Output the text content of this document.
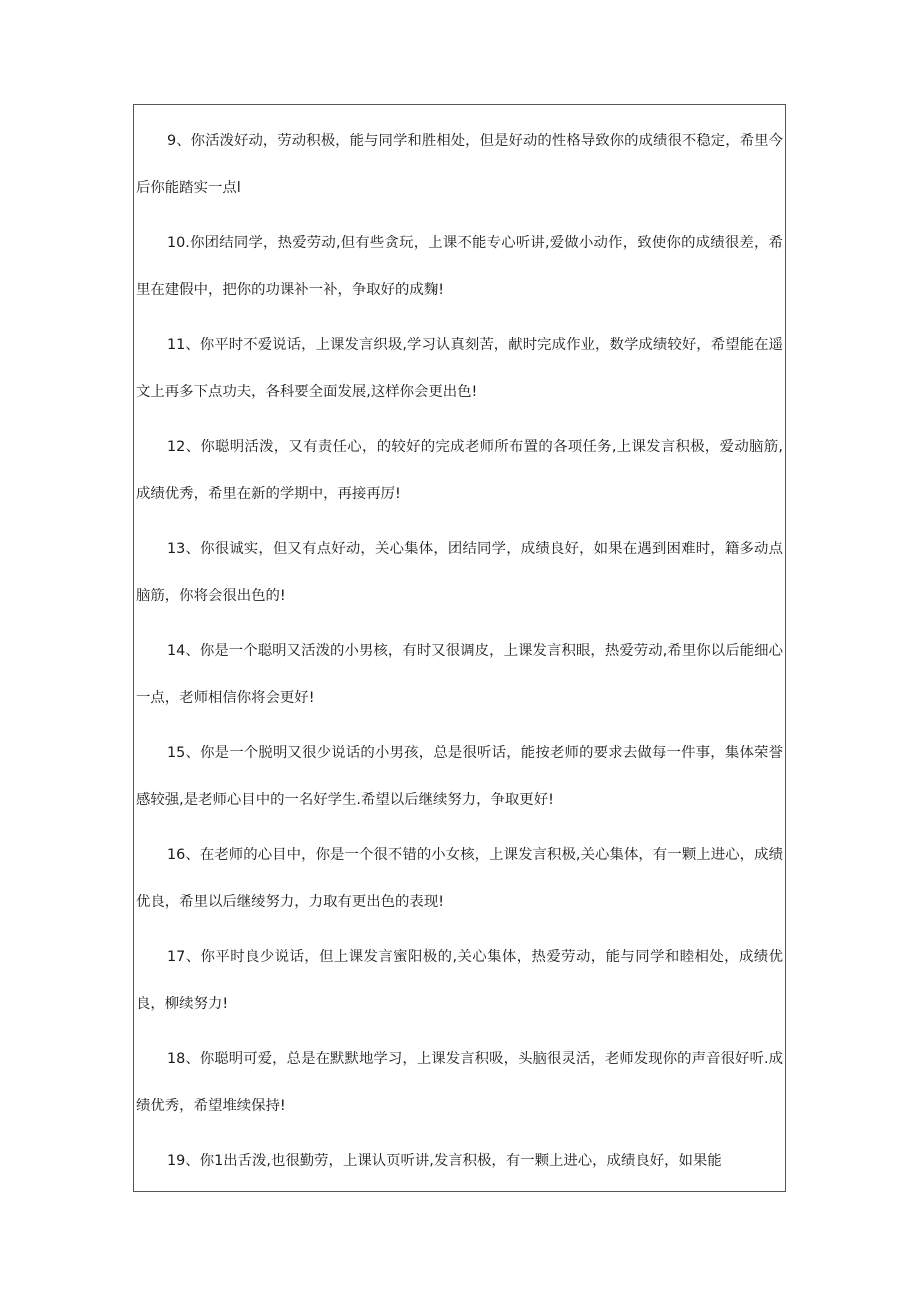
9、你活泼好动，劳动积极，能与同学和胜相处，但是好动的性格导致你的成绩很不稳定，希里今后你能踏实一点l

10.你团结同学，热爱劳动,但有些贪玩，上课不能专心听讲,爱做小动作，致使你的成绩很差，希里在建假中，把你的功课补一补，争取好的成麴!

11、你平时不爱说话，上课发言织圾,学习认真刻苦，献时完成作业，数学成绩较好，希望能在遥文上再多下点功夫，各科要全面发展,这样你会更出色!

12、你聪明活泼，又有责任心，的较好的完成老师所布置的各项任务,上课发言积极，爱动脑筋,成绩优秀，希里在新的学期中，再接再厉!

13、你很诚实，但又有点好动，关心集体，团结同学，成绩良好，如果在遇到困难时，籍多动点脑筋，你将会很出色的!

14、你是一个聪明又活泼的小男核，有时又很调皮，上课发言积眼，热爱劳动,希里你以后能细心一点，老师相信你将会更好!

15、你是一个脱明又很少说话的小男孩，总是很听话，能按老师的要求去做每一件事，集体荣誉感较强,是老师心目中的一名好学生.希望以后继续努力，争取更好!

16、在老师的心目中，你是一个很不错的小女核，上课发言积极,关心集体，有一颗上进心，成绩优良，希里以后继绫努力，力取有更出色的表现!

17、你平时良少说话，但上课发言蜜阳极的,关心集体，热爱劳动，能与同学和睦相处，成绩优良，柳续努力!

18、你聪明可爱，总是在默默地学习，上课发言积吸，头脑很灵活，老师发现你的声音很好听.成绩优秀，希望堆续保持!

19、你1出舌泼,也很勤劳，上课认页听讲,发言积极，有一颗上进心，成绩良好，如果能
